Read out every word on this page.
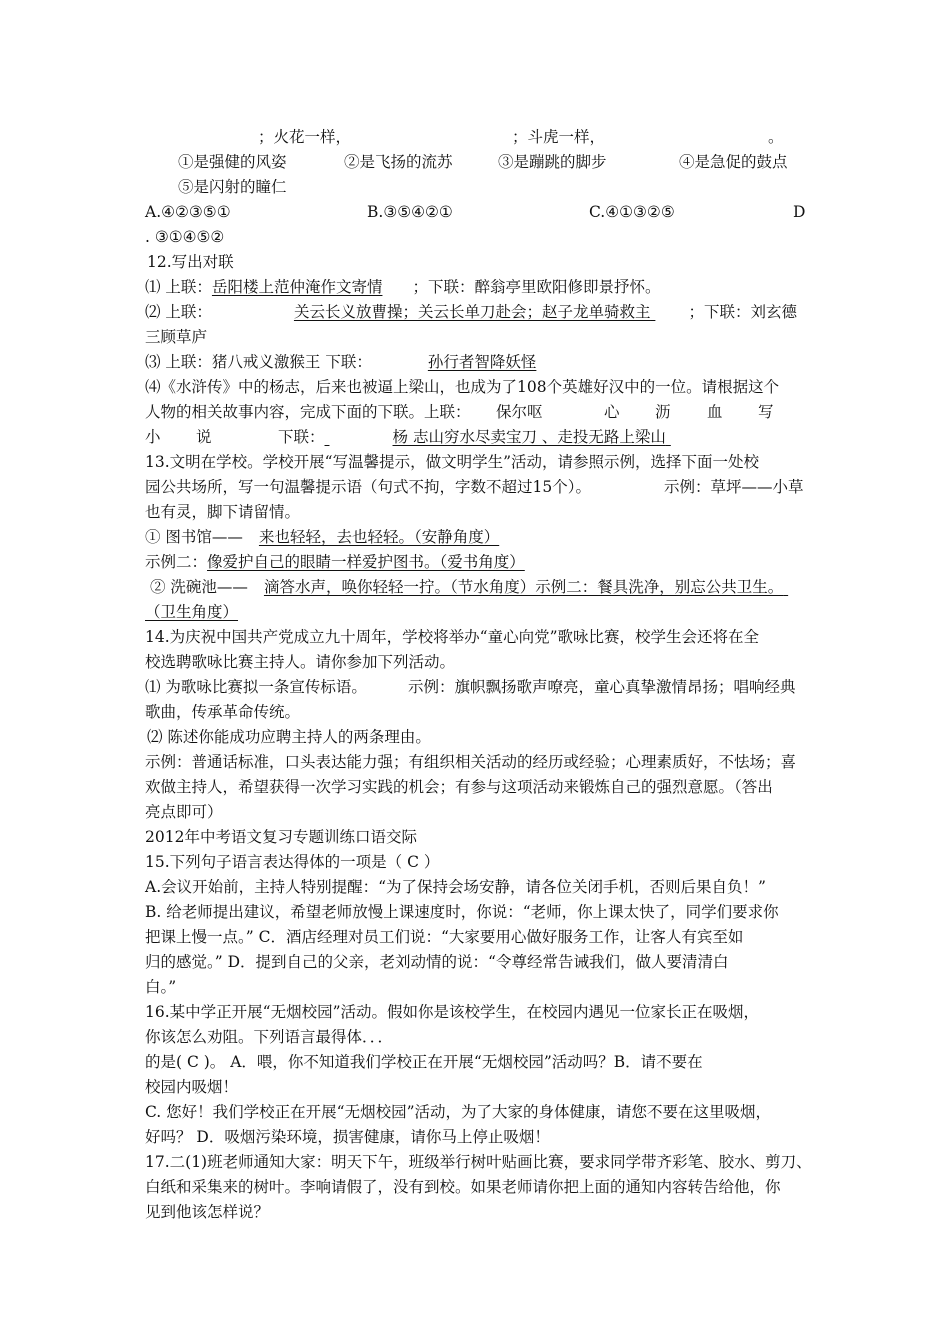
；火花一样，	；斗虎一样，	。
①是强健的风姿	②是飞扬的流苏	③是蹦跳的脚步	④是急促的鼓点
⑤是闪射的瞳仁
A.④②③⑤①	B.③⑤④②①	C.④①③②⑤	D
. ③①④⑤②
12.写出对联
⑴ 上联：岳阳楼上范仲淹作文寄情 ；下联：醉翁亭里欧阳修即景抒怀。
⑵ 上联：	关云长义放曹操；关云长单刀赴会；赵子龙单骑救主 ；下联：刘玄德
三顾草庐
⑶ 上联：猪八戒义激猴王 下联：	孙行者智降妖怪
⑷《水浒传》中的杨志，后来也被逼上梁山，也成为了108个英雄好汉中的一位。请根据这个
人物的相关故事内容，完成下面的下联。上联： 保尔呕	心 沥 血 写
小 说	下联：	杨 志山穷水尽卖宝刀 、走投无路上梁山
13.文明在学校。学校开展“写温馨提示，做文明学生”活动，请参照示例，选择下面一处校
园公共场所，写一句温馨提示语（句式不拘，字数不超过15个）。	示例：草坪——小草
也有灵，脚下请留情。
① 图书馆—— 来也轻轻，去也轻轻。（安静角度）
示例二：像爱护自己的眼睛一样爱护图书。（爱书角度）
② 洗碗池—— 滴答水声，唤你轻轻一拧。（节水角度）示例二：餐具洗净，别忘公共卫生。
（卫生角度）
14.为庆祝中国共产党成立九十周年，学校将举办“童心向党”歌咏比赛，校学生会还将在全
校选聘歌咏比赛主持人。请你参加下列活动。
⑴ 为歌咏比赛拟一条宣传标语。	示例：旗帜飘扬歌声嘹亮，童心真挚激情昂扬；唱响经典
歌曲，传承革命传统。
⑵ 陈述你能成功应聘主持人的两条理由。
示例：普通话标准，口头表达能力强；有组织相关活动的经历或经验；心理素质好，不怯场；喜
欢做主持人，希望获得一次学习实践的机会；有参与这项活动来锻炼自己的强烈意愿。（答出
亮点即可）
2012年中考语文复习专题训练口语交际
15.下列句子语言表达得体的一项是（ C ）
A.会议开始前，主持人特别提醒：“为了保持会场安静，请各位关闭手机，否则后果自负！”
B. 给老师提出建议，希望老师放慢上课速度时，你说：“老师，你上课太快了，同学们要求你
把课上慢一点。” C．酒店经理对员工们说：“大家要用心做好服务工作，让客人有宾至如
归的感觉。” D．提到自己的父亲，老刘动情的说：“令尊经常告诫我们，做人要清清白
白。”
16.某中学正开展“无烟校园”活动。假如你是该校学生，在校园内遇见一位家长正在吸烟，
你该怎么劝阻。下列语言最得体．．．
的是( C )。 A．喂，你不知道我们学校正在开展“无烟校园”活动吗？B．请不要在
校园内吸烟！
C. 您好！我们学校正在开展“无烟校园”活动，为了大家的身体健康，请您不要在这里吸烟，
好吗？ D．吸烟污染环境，损害健康，请你马上停止吸烟！
17.二(1)班老师通知大家：明天下午，班级举行树叶贴画比赛，要求同学带齐彩笔、胶水、剪刀、
白纸和采集来的树叶。李响请假了，没有到校。如果老师请你把上面的通知内容转告给他，你
见到他该怎样说？
